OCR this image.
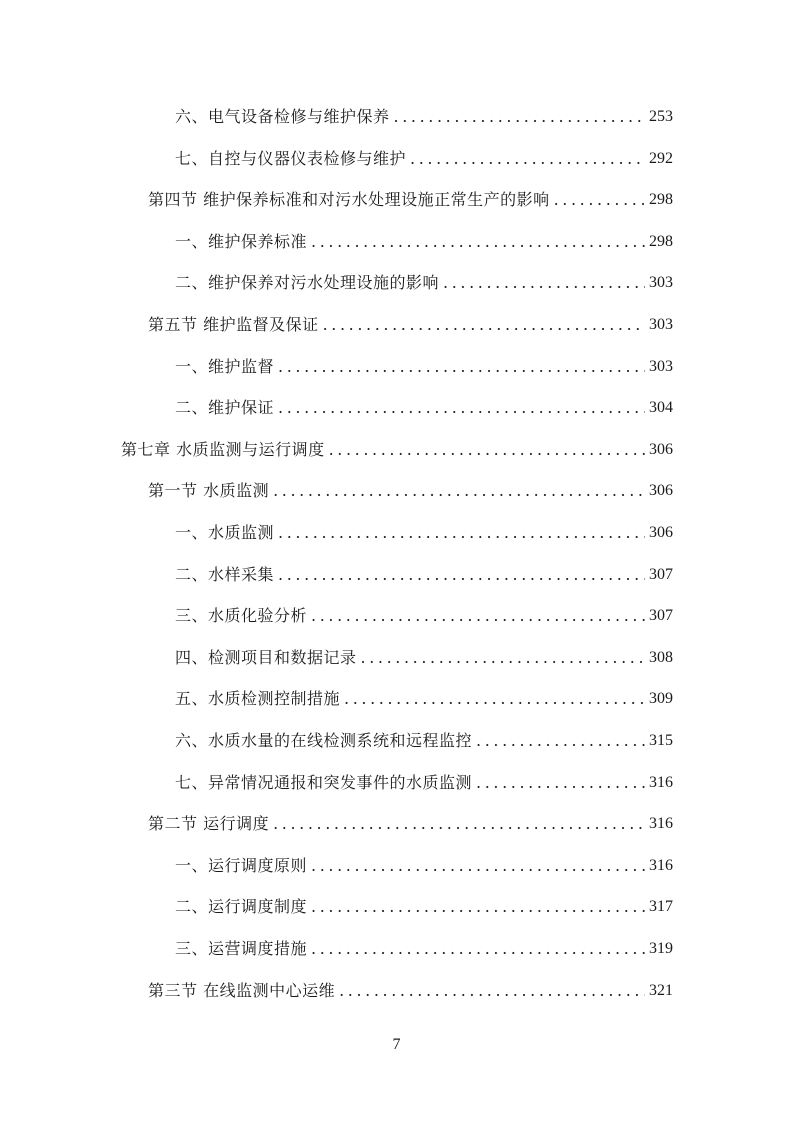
六、电气设备检修与维护保养 .....	253
七、自控与仪器仪表检修与维护 .....	292
第四节 维护保养标准和对污水处理设施正常生产的影响 .....	298
一、维护保养标准 .....	298
二、维护保养对污水处理设施的影响 .....	303
第五节 维护监督及保证 .....	303
一、维护监督 .....	303
二、维护保证 .....	304
第七章 水质监测与运行调度 .....	306
第一节 水质监测 .....	306
一、水质监测 .....	306
二、水样采集 .....	307
三、水质化验分析 .....	307
四、检测项目和数据记录 .....	308
五、水质检测控制措施 .....	309
六、水质水量的在线检测系统和远程监控 .....	315
七、异常情况通报和突发事件的水质监测 .....	316
第二节 运行调度 .....	316
一、运行调度原则 .....	316
二、运行调度制度 .....	317
三、运营调度措施 .....	319
第三节 在线监测中心运维 .....	321
7
